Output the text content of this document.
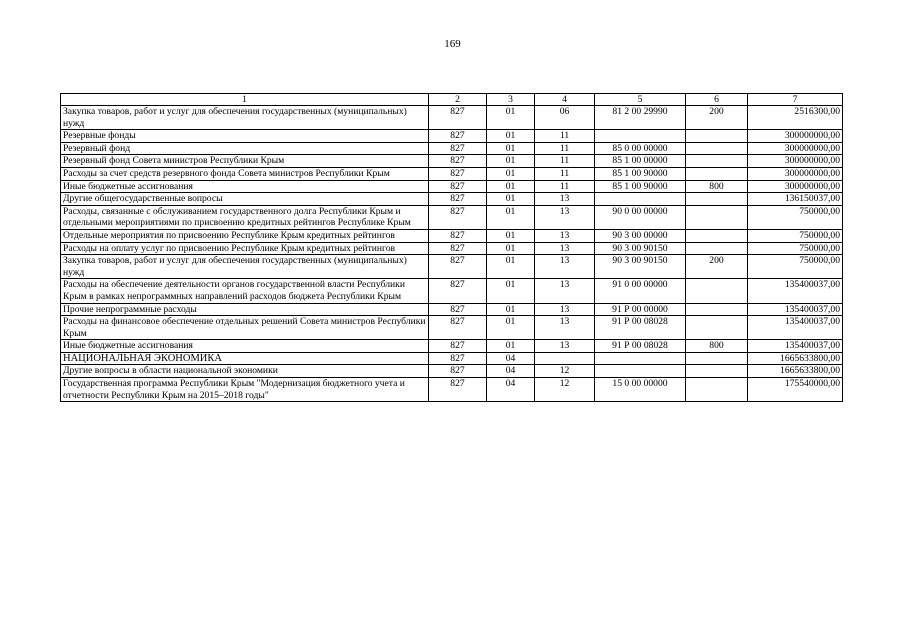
169
1	2	3	4	5	6	7
Закупка товаров, работ и услуг для обеспечения государственных (муниципальных) нужд	827	01	06	81 2 00 29990	200	2516300,00
Резервные фонды	827	01	11			300000000,00
Резервный фонд	827	01	11	85 0 00 00000		300000000,00
Резервный фонд Совета министров Республики Крым	827	01	11	85 1 00 00000		300000000,00
Расходы за счет средств резервного фонда Совета министров Республики Крым	827	01	11	85 1 00 90000		300000000,00
Иные бюджетные ассигнования	827	01	11	85 1 00 90000	800	300000000,00
Другие общегосударственные вопросы	827	01	13			136150037,00
Расходы, связанные с обслуживанием государственного долга Республики Крым и отдельными мероприятиями по присвоению кредитных рейтингов Республике Крым	827	01	13	90 0 00 00000		750000,00
Отдельные мероприятия по присвоению Республике Крым кредитных рейтингов	827	01	13	90 3 00 00000		750000,00
Расходы на оплату услуг по присвоению Республике Крым кредитных рейтингов	827	01	13	90 3 00 90150		750000,00
Закупка товаров, работ и услуг для обеспечения государственных (муниципальных) нужд	827	01	13	90 3 00 90150	200	750000,00
Расходы на обеспечение деятельности органов государственной власти Республики Крым в рамках непрограммных направлений расходов бюджета Республики Крым	827	01	13	91 0 00 00000		135400037,00
Прочие непрограммные расходы	827	01	13	91 Р 00 00000		135400037,00
Расходы на финансовое обеспечение отдельных решений Совета министров Республики Крым	827	01	13	91 Р 00 08028		135400037,00
Иные бюджетные ассигнования	827	01	13	91 Р 00 08028	800	135400037,00
НАЦИОНАЛЬНАЯ ЭКОНОМИКА	827	04				1665633800,00
Другие вопросы в области национальной экономики	827	04	12			1665633800,00
Государственная программа Республики Крым "Модернизация бюджетного учета и отчетности Республики Крым на 2015–2018 годы"	827	04	12	15 0 00 00000		175540000,00
